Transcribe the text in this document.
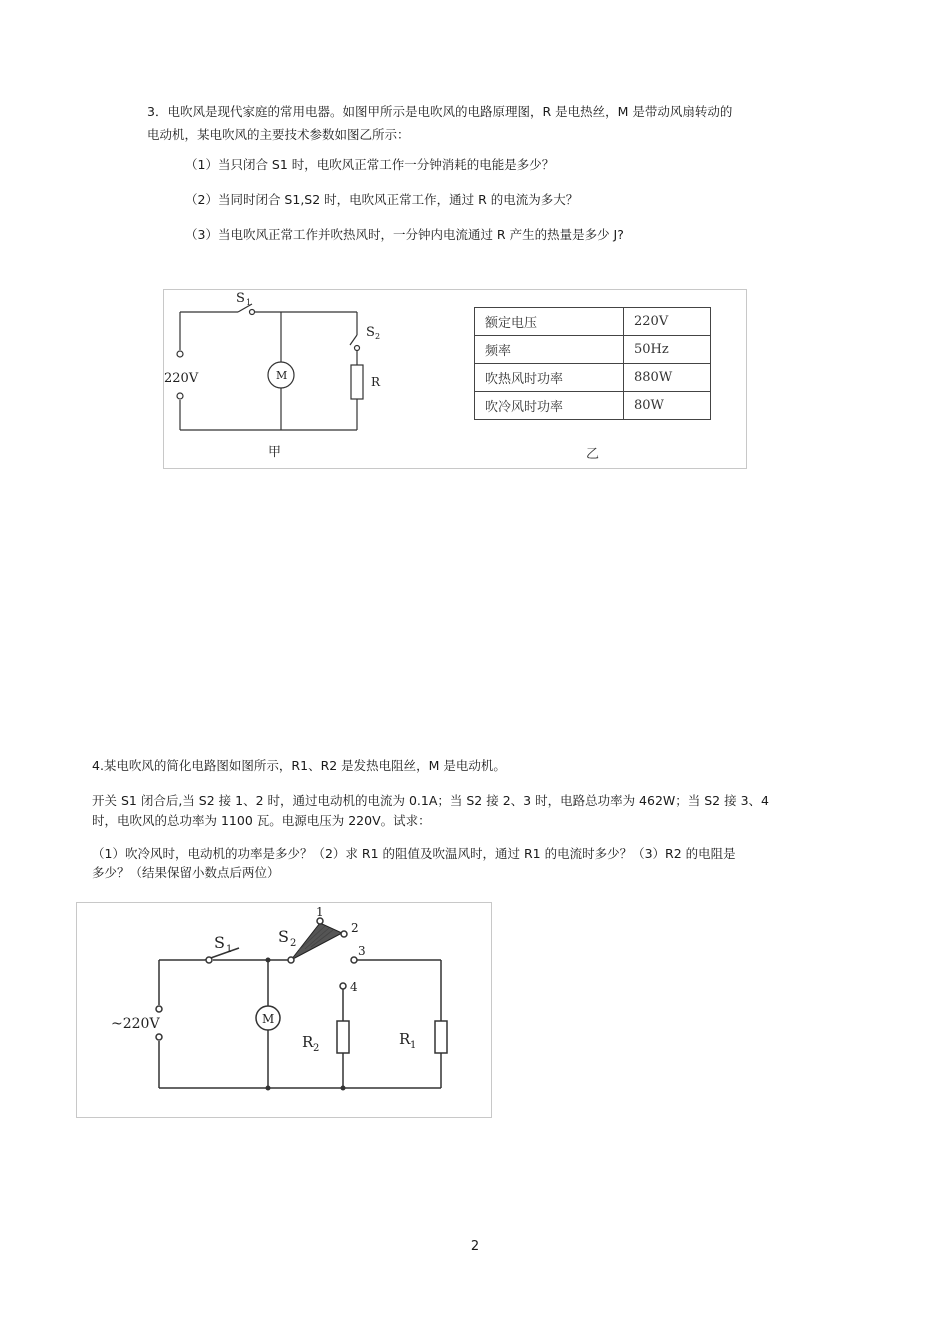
3．电吹风是现代家庭的常用电器。如图甲所示是电吹风的电路原理图，R 是电热丝，M 是带动风扇转动的
电动机，某电吹风的主要技术参数如图乙所示：
（1）当只闭合 S1 时，电吹风正常工作一分钟消耗的电能是多少？
（2）当同时闭合 S1,S2 时，电吹风正常工作，通过 R 的电流为多大？
（3）当电吹风正常工作并吹热风时，一分钟内电流通过 R 产生的热量是多少 J?
S 1
S 2
220V	M	R
甲
额定电压	220V
频率	50Hz
吹热风时功率	880W
吹冷风时功率	80W
乙
4.某电吹风的简化电路图如图所示，R1、R2 是发热电阻丝，M 是电动机。
开关 S1 闭合后,当 S2 接 1、2 时，通过电动机的电流为 0.1A；当 S2 接 2、3 时，电路总功率为 462W；当 S2 接 3、4
时，电吹风的总功率为 1100 瓦。电源电压为 220V。试求：
（1）吹冷风时，电动机的功率是多少？（2）求 R1 的阻值及吹温风时，通过 R1 的电流时多少？（3）R2 的电阻是
多少？（结果保留小数点后两位）
S 1
S 2
1
2
3
4
~220V	M
R 2
R 1
2
